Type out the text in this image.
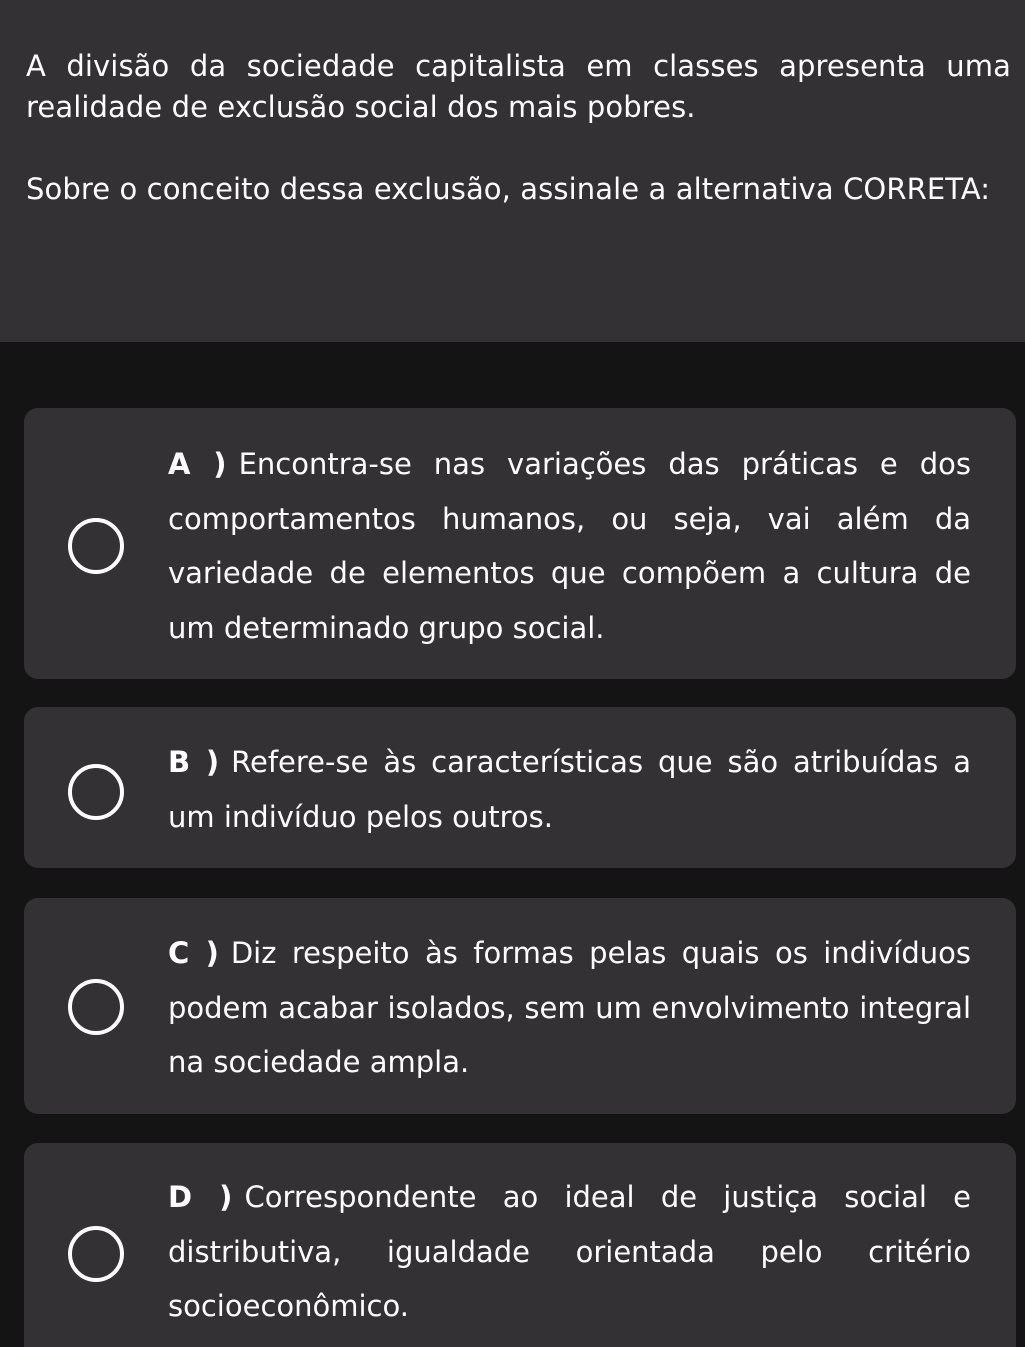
A divisão da sociedade capitalista em classes apresenta uma realidade de exclusão social dos mais pobres.

Sobre o conceito dessa exclusão, assinale a alternativa CORRETA:

A ) Encontra-se nas variações das práticas e dos comportamentos humanos, ou seja, vai além da variedade de elementos que compõem a cultura de um determinado grupo social.
B ) Refere-se às características que são atribuídas a um indivíduo pelos outros.
C ) Diz respeito às formas pelas quais os indivíduos podem acabar isolados, sem um envolvimento integral na sociedade ampla.
D ) Correspondente ao ideal de justiça social e distributiva, igualdade orientada pelo critério socioeconômico.
